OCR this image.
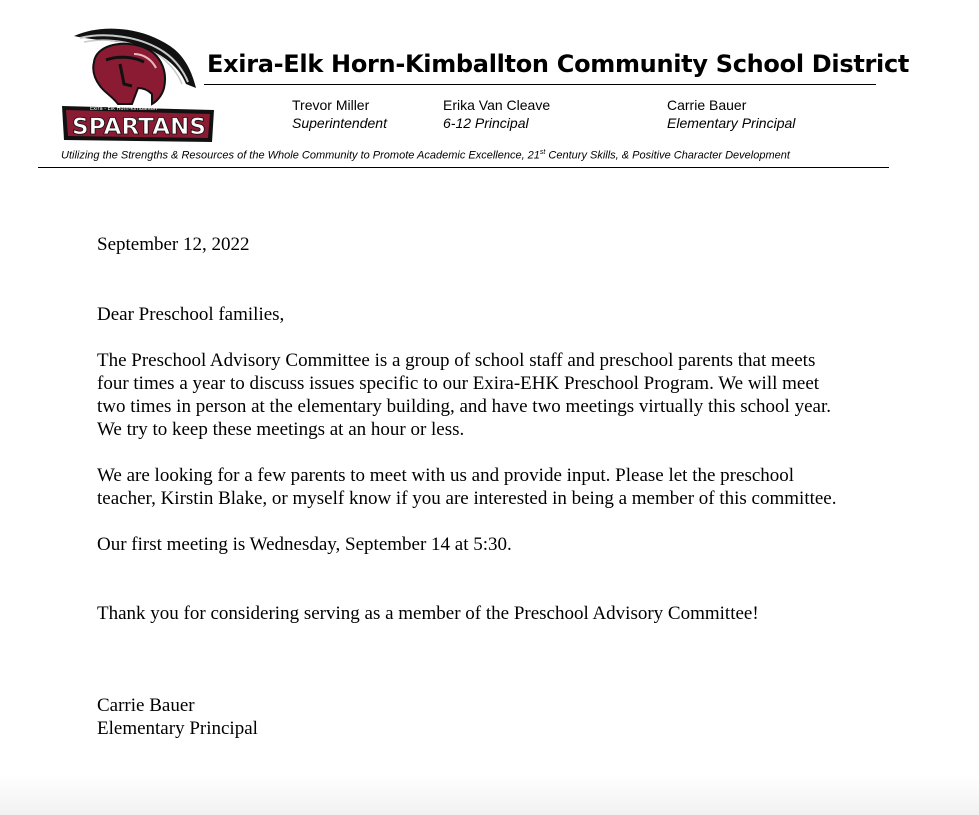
Exira - Elk Horn-Kimballton
SPARTANS
Exira-Elk Horn-Kimballton Community School District
Trevor Miller
Superintendent
Erika Van Cleave
6-12 Principal
Carrie Bauer
Elementary Principal
Utilizing the Strengths & Resources of the Whole Community to Promote Academic Excellence, 21st Century Skills, & Positive Character Development
September 12, 2022
Dear Preschool families,
The Preschool Advisory Committee is a group of school staff and preschool parents that meets
four times a year to discuss issues specific to our Exira-EHK Preschool Program. We will meet
two times in person at the elementary building, and have two meetings virtually this school year.
We try to keep these meetings at an hour or less.
We are looking for a few parents to meet with us and provide input. Please let the preschool
teacher, Kirstin Blake, or myself know if you are interested in being a member of this committee.
Our first meeting is Wednesday, September 14 at 5:30.
Thank you for considering serving as a member of the Preschool Advisory Committee!
Carrie Bauer
Elementary Principal
